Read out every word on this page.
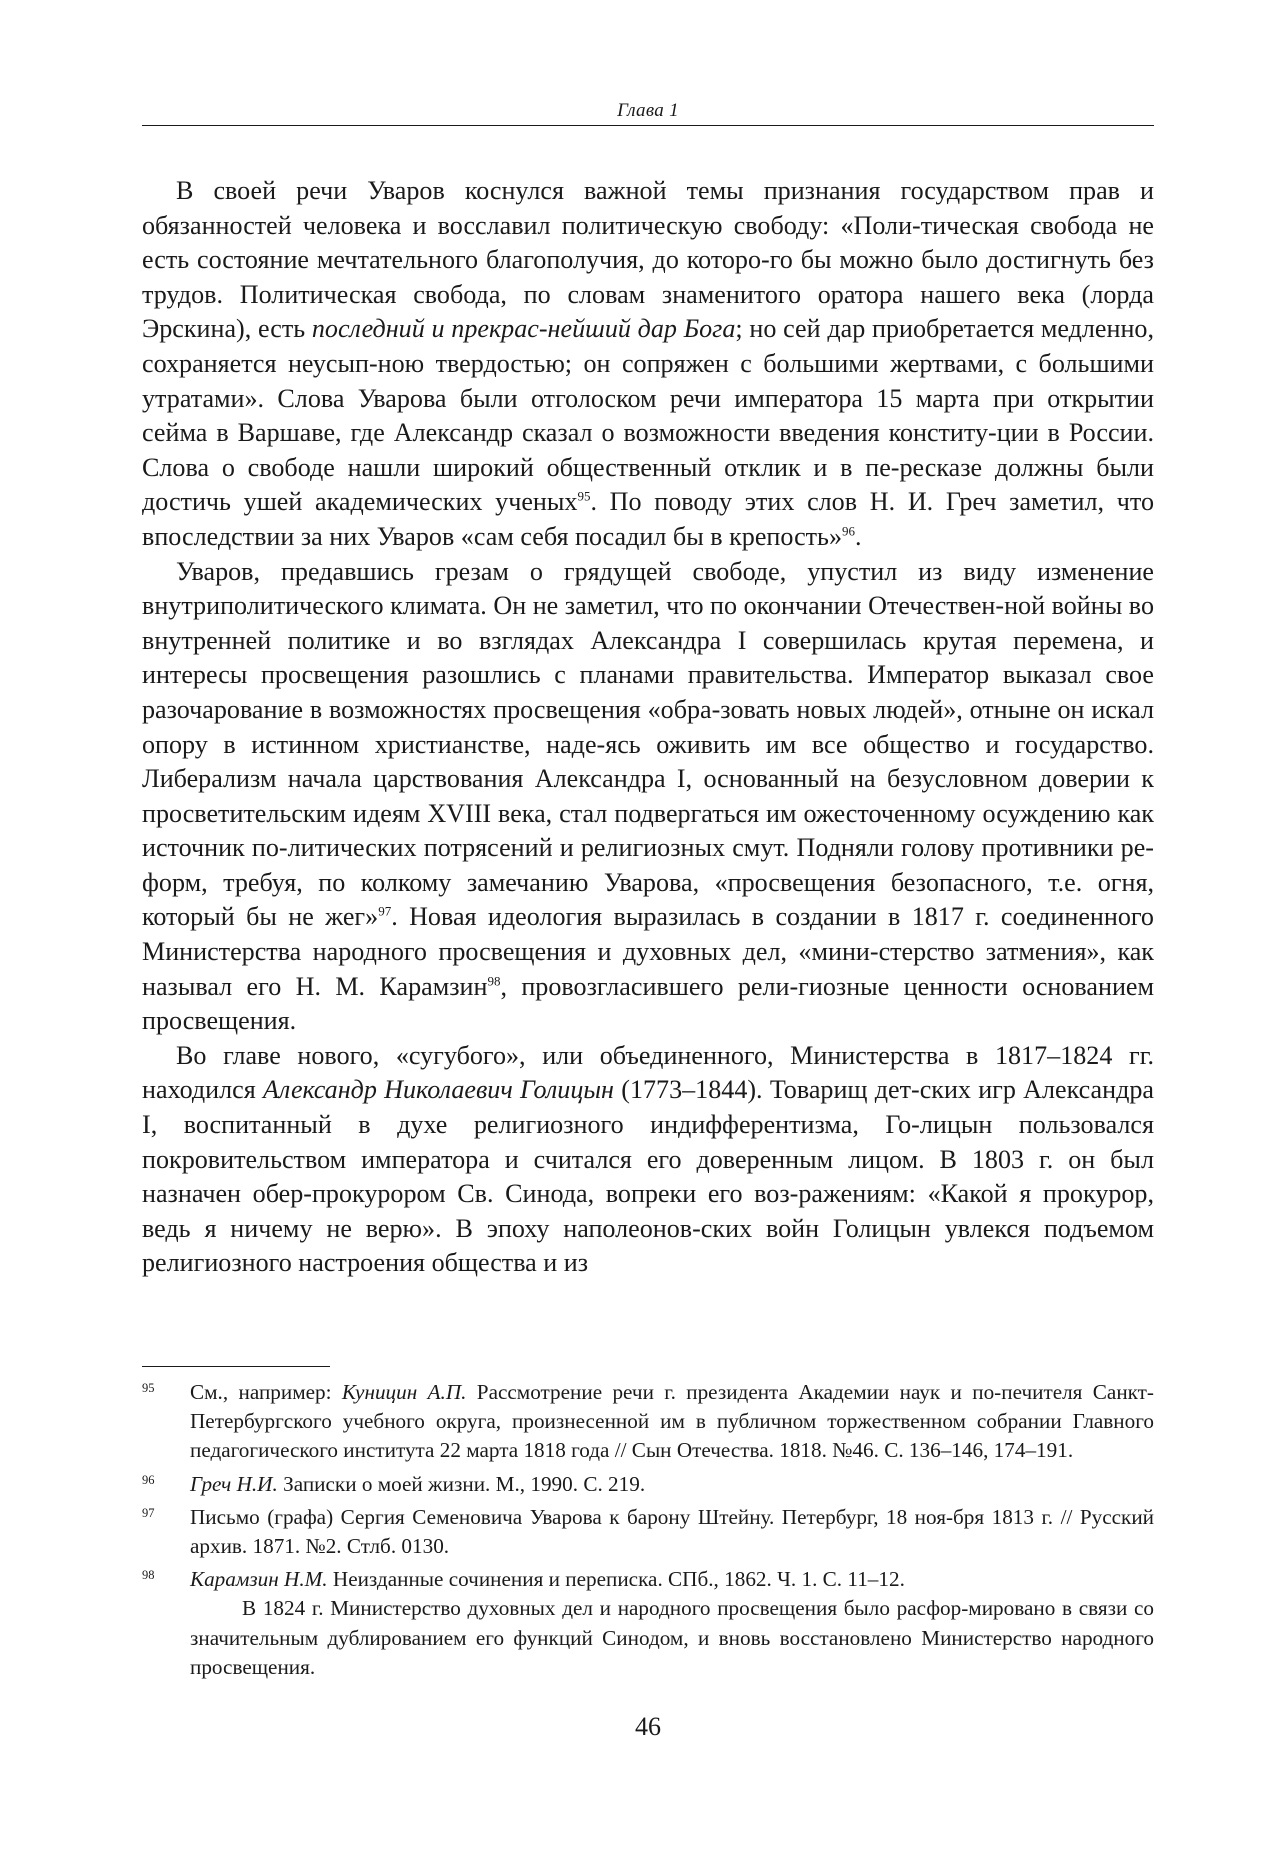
Глава 1

В своей речи Уваров коснулся важной темы признания государством прав и обязанностей человека и восславил политическую свободу: «Поли-тическая свобода не есть состояние мечтательного благополучия, до которо-го бы можно было достигнуть без трудов. Политическая свобода, по словам знаменитого оратора нашего века (лорда Эрскина), есть последний и прекрас-нейший дар Бога; но сей дар приобретается медленно, сохраняется неусып-ною твердостью; он сопряжен с большими жертвами, с большими утратами». Слова Уварова были отголоском речи императора 15 марта при открытии сейма в Варшаве, где Александр сказал о возможности введения конститу-ции в России. Слова о свободе нашли широкий общественный отклик и в пе-ресказе должны были достичь ушей академических ученых$^{95}$. По поводу этих слов Н. И. Греч заметил, что впоследствии за них Уваров «сам себя посадил бы в крепость»$^{96}$.

Уваров, предавшись грезам о грядущей свободе, упустил из виду изменение внутриполитического климата. Он не заметил, что по окончании Отечествен-ной войны во внутренней политике и во взглядах Александра I совершилась крутая перемена, и интересы просвещения разошлись с планами правительства. Император выказал свое разочарование в возможностях просвещения «обра-зовать новых людей», отныне он искал опору в истинном христианстве, наде-ясь оживить им все общество и государство. Либерализм начала царствования Александра I, основанный на безусловном доверии к просветительским идеям XVIII века, стал подвергаться им ожесточенному осуждению как источник по-литических потрясений и религиозных смут. Подняли голову противники ре-форм, требуя, по колкому замечанию Уварова, «просвещения безопасного, т.е. огня, который бы не жег»$^{97}$. Новая идеология выразилась в создании в 1817 г. соединенного Министерства народного просвещения и духовных дел, «мини-стерство затмения», как называл его Н. М. Карамзин$^{98}$, провозгласившего рели-гиозные ценности основанием просвещения.

Во главе нового, «сугубого», или объединенного, Министерства в 1817–1824 гг. находился Александр Николаевич Голицын (1773–1844). Товарищ дет-ских игр Александра I, воспитанный в духе религиозного индифферентизма, Го-лицын пользовался покровительством императора и считался его доверенным лицом. В 1803 г. он был назначен обер-прокурором Св. Синода, вопреки его воз-ражениям: «Какой я прокурор, ведь я ничему не верю». В эпоху наполеонов-ских войн Голицын увлекся подъемом религиозного настроения общества и из

95 См., например: Куницин А.П. Рассмотрение речи г. президента Академии наук и по-печителя Санкт-Петербургского учебного округа, произнесенной им в публичном торжественном собрании Главного педагогического института 22 марта 1818 года // Сын Отечества. 1818. №46. С. 136–146, 174–191.
96 Греч Н.И. Записки о моей жизни. М., 1990. С. 219.
97 Письмо (графа) Сергия Семеновича Уварова к барону Штейну. Петербург, 18 ноя-бря 1813 г. // Русский архив. 1871. №2. Стлб. 0130.
98 Карамзин Н.М. Неизданные сочинения и переписка. СПб., 1862. Ч. 1. С. 11–12.
В 1824 г. Министерство духовных дел и народного просвещения было расфор-мировано в связи со значительным дублированием его функций Синодом, и вновь восстановлено Министерство народного просвещения.
46
